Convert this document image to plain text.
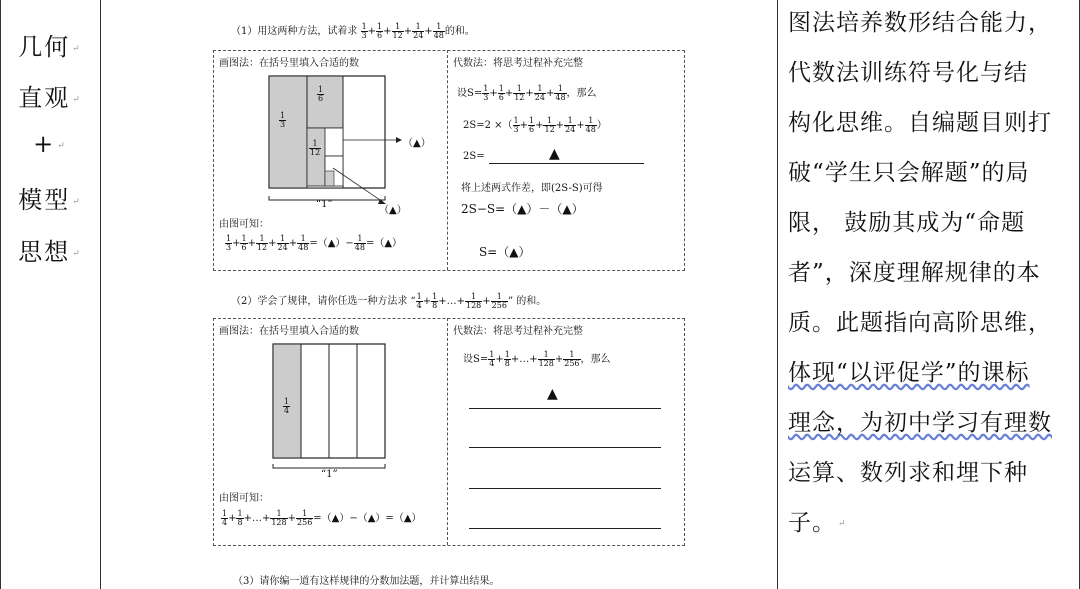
几何 ↵
直观 ↵
+ ↵
模型 ↵
思想 ↵
图法培养数形结合能力，
代数法训练符号化与结
构化思维。自编题目则打
破“学生只会解题”的局
限， 鼓励其成为“命题
者”，深度理解规律的本
质。此题指向高阶思维，
体现“以评促学”的课标
理念，为初中学习有理数
运算、数列求和埋下种
子。 ↵
（1）用这两种方法，试着求 $\frac{1}{3} + \frac{1}{6} + \frac{1}{12} + \frac{1}{24} + \frac{1}{48}$ 的和。
画图法：在括号里填入合适的数	代数法：将思考过程补充完整
$\frac{1}{3}$
$\frac{1}{6}$
$\frac{1}{12}$	（▲）
（▲）
“1”
由图可知：
$\frac{1}{3} + \frac{1}{6} + \frac{1}{12} + \frac{1}{24} + \frac{1}{48}$ =（▲）− $\frac{1}{48}$ =（▲）
设$S= \frac{1}{3} + \frac{1}{6} + \frac{1}{12} + \frac{1}{24} + \frac{1}{48}$ ，那么
2S=2 ×（ $\frac{1}{3} + \frac{1}{6} + \frac{1}{12} + \frac{1}{24} + \frac{1}{48}$ ）
2S=	▲
将上述两式作差，即(2S-S)可得
2S−S=（▲）－（▲）
S=（▲）
（2）学会了规律，请你任选一种方法求 “ $\frac{1}{4} + \frac{1}{8}$ +…+ $\frac{1}{128} + \frac{1}{256}$ ” 的和。
画图法：在括号里填入合适的数	代数法：将思考过程补充完整
$\frac{1}{4}$
“1”
由图可知：
$\frac{1}{4} + \frac{1}{8}$ +…+ $\frac{1}{128} + \frac{1}{256}$ =（▲）−（▲）=（▲）
设$S= \frac{1}{4} + \frac{1}{8}$ +…+ $\frac{1}{128} + \frac{1}{256}$ ，那么
▲
（3）请你编一道有这样规律的分数加法题，并计算出结果。
